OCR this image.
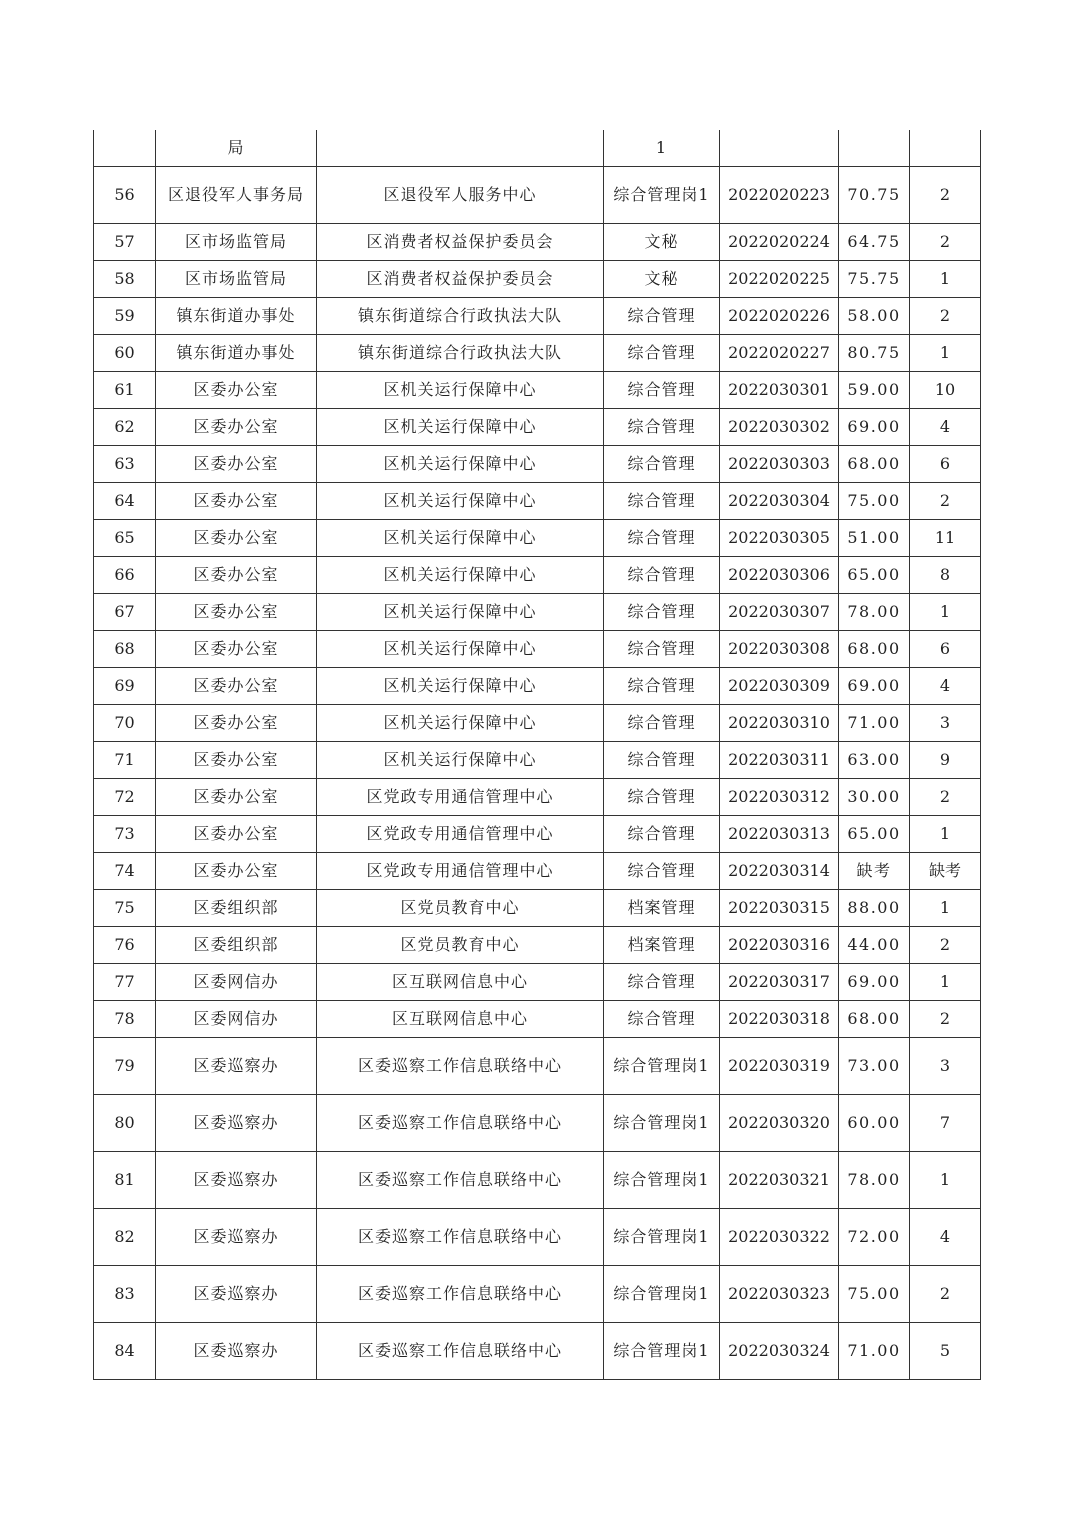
	局		1			
56	区退役军人事务局	区退役军人服务中心	综合管理岗1	2022020223	70.75	2
57	区市场监管局	区消费者权益保护委员会	文秘	2022020224	64.75	2
58	区市场监管局	区消费者权益保护委员会	文秘	2022020225	75.75	1
59	镇东街道办事处	镇东街道综合行政执法大队	综合管理	2022020226	58.00	2
60	镇东街道办事处	镇东街道综合行政执法大队	综合管理	2022020227	80.75	1
61	区委办公室	区机关运行保障中心	综合管理	2022030301	59.00	10
62	区委办公室	区机关运行保障中心	综合管理	2022030302	69.00	4
63	区委办公室	区机关运行保障中心	综合管理	2022030303	68.00	6
64	区委办公室	区机关运行保障中心	综合管理	2022030304	75.00	2
65	区委办公室	区机关运行保障中心	综合管理	2022030305	51.00	11
66	区委办公室	区机关运行保障中心	综合管理	2022030306	65.00	8
67	区委办公室	区机关运行保障中心	综合管理	2022030307	78.00	1
68	区委办公室	区机关运行保障中心	综合管理	2022030308	68.00	6
69	区委办公室	区机关运行保障中心	综合管理	2022030309	69.00	4
70	区委办公室	区机关运行保障中心	综合管理	2022030310	71.00	3
71	区委办公室	区机关运行保障中心	综合管理	2022030311	63.00	9
72	区委办公室	区党政专用通信管理中心	综合管理	2022030312	30.00	2
73	区委办公室	区党政专用通信管理中心	综合管理	2022030313	65.00	1
74	区委办公室	区党政专用通信管理中心	综合管理	2022030314	缺考	缺考
75	区委组织部	区党员教育中心	档案管理	2022030315	88.00	1
76	区委组织部	区党员教育中心	档案管理	2022030316	44.00	2
77	区委网信办	区互联网信息中心	综合管理	2022030317	69.00	1
78	区委网信办	区互联网信息中心	综合管理	2022030318	68.00	2
79	区委巡察办	区委巡察工作信息联络中心	综合管理岗1	2022030319	73.00	3
80	区委巡察办	区委巡察工作信息联络中心	综合管理岗1	2022030320	60.00	7
81	区委巡察办	区委巡察工作信息联络中心	综合管理岗1	2022030321	78.00	1
82	区委巡察办	区委巡察工作信息联络中心	综合管理岗1	2022030322	72.00	4
83	区委巡察办	区委巡察工作信息联络中心	综合管理岗1	2022030323	75.00	2
84	区委巡察办	区委巡察工作信息联络中心	综合管理岗1	2022030324	71.00	5
